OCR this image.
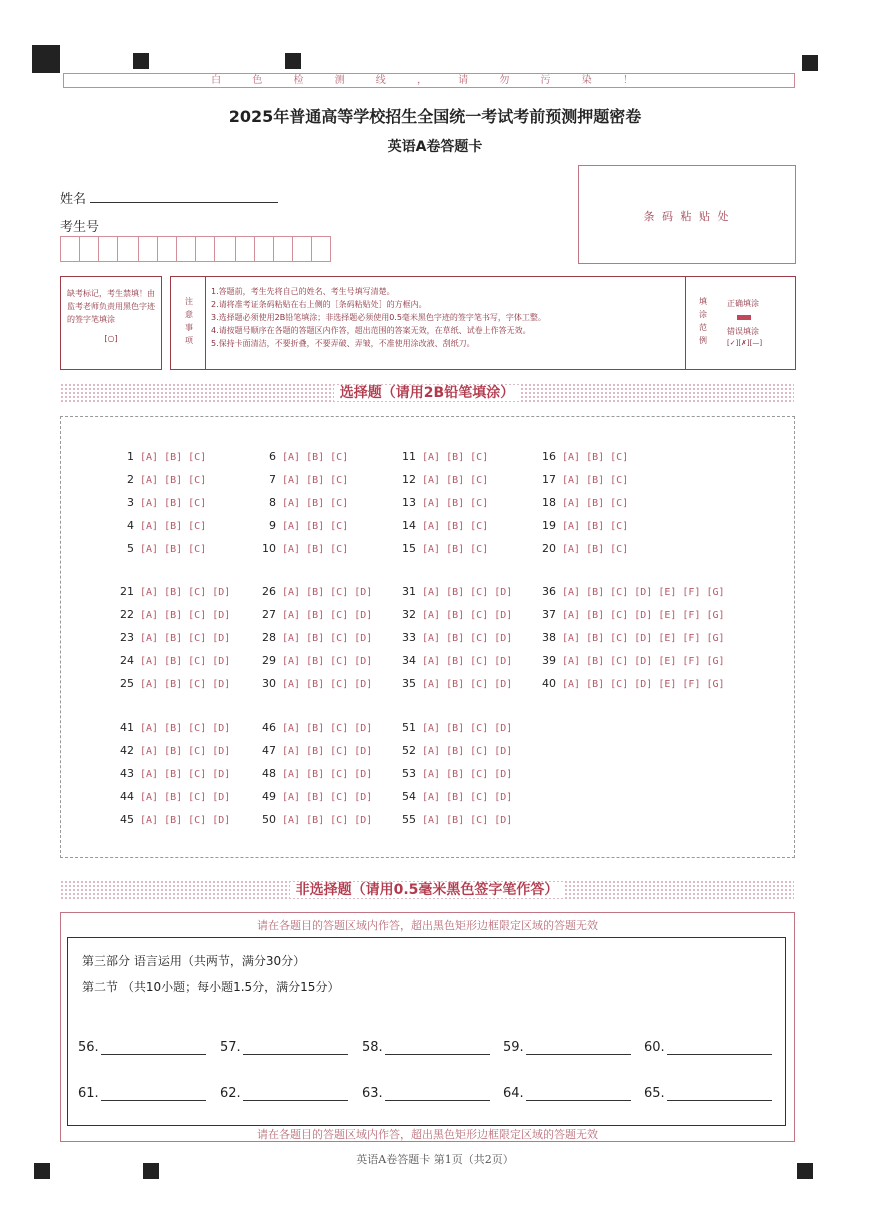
白 色 检 测 线 ， 请 勿 污 染 ！
2025年普通高等学校招生全国统一考试考前预测押题密卷
英语A卷答题卡
姓名
考生号
条 码 粘 贴 处
缺考标记，考生禁填！由监考老师负责用黑色字迹的签字笔填涂
[○]
注意事项
1.答题前，考生先将自己的姓名、考生号填写清楚。
2.请将准考证条码粘贴在右上侧的［条码粘贴处］的方框内。
3.选择题必须使用2B铅笔填涂；非选择题必须使用0.5毫米黑色字迹的签字笔书写，字体工整。
4.请按题号顺序在各题的答题区内作答，超出范围的答案无效，在草纸、试卷上作答无效。
5.保持卡面清洁，不要折叠，不要弄破、弄皱，不准使用涂改液、刮纸刀。
填涂范例
正确填涂
错误填涂
[✓][✗][—]
选择题（请用2B铅笔填涂）
1 [A] [B] [C]
2 [A] [B] [C]
3 [A] [B] [C]
4 [A] [B] [C]
5 [A] [B] [C]
6 [A] [B] [C]
7 [A] [B] [C]
8 [A] [B] [C]
9 [A] [B] [C]
10 [A] [B] [C]
11 [A] [B] [C]
12 [A] [B] [C]
13 [A] [B] [C]
14 [A] [B] [C]
15 [A] [B] [C]
16 [A] [B] [C]
17 [A] [B] [C]
18 [A] [B] [C]
19 [A] [B] [C]
20 [A] [B] [C]
21 [A] [B] [C] [D]
22 [A] [B] [C] [D]
23 [A] [B] [C] [D]
24 [A] [B] [C] [D]
25 [A] [B] [C] [D]
26 [A] [B] [C] [D]
27 [A] [B] [C] [D]
28 [A] [B] [C] [D]
29 [A] [B] [C] [D]
30 [A] [B] [C] [D]
31 [A] [B] [C] [D]
32 [A] [B] [C] [D]
33 [A] [B] [C] [D]
34 [A] [B] [C] [D]
35 [A] [B] [C] [D]
36 [A] [B] [C] [D] [E] [F] [G]
37 [A] [B] [C] [D] [E] [F] [G]
38 [A] [B] [C] [D] [E] [F] [G]
39 [A] [B] [C] [D] [E] [F] [G]
40 [A] [B] [C] [D] [E] [F] [G]
41 [A] [B] [C] [D]
42 [A] [B] [C] [D]
43 [A] [B] [C] [D]
44 [A] [B] [C] [D]
45 [A] [B] [C] [D]
46 [A] [B] [C] [D]
47 [A] [B] [C] [D]
48 [A] [B] [C] [D]
49 [A] [B] [C] [D]
50 [A] [B] [C] [D]
51 [A] [B] [C] [D]
52 [A] [B] [C] [D]
53 [A] [B] [C] [D]
54 [A] [B] [C] [D]
55 [A] [B] [C] [D]
非选择题（请用0.5毫米黑色签字笔作答）
请在各题目的答题区域内作答，超出黑色矩形边框限定区域的答题无效
第三部分 语言运用（共两节，满分30分）
第二节 （共10小题；每小题1.5分，满分15分）
56.	57.	58.	59.	60.
61.	62.	63.	64.	65.
请在各题目的答题区域内作答，超出黑色矩形边框限定区域的答题无效
英语A卷答题卡 第1页（共2页）
